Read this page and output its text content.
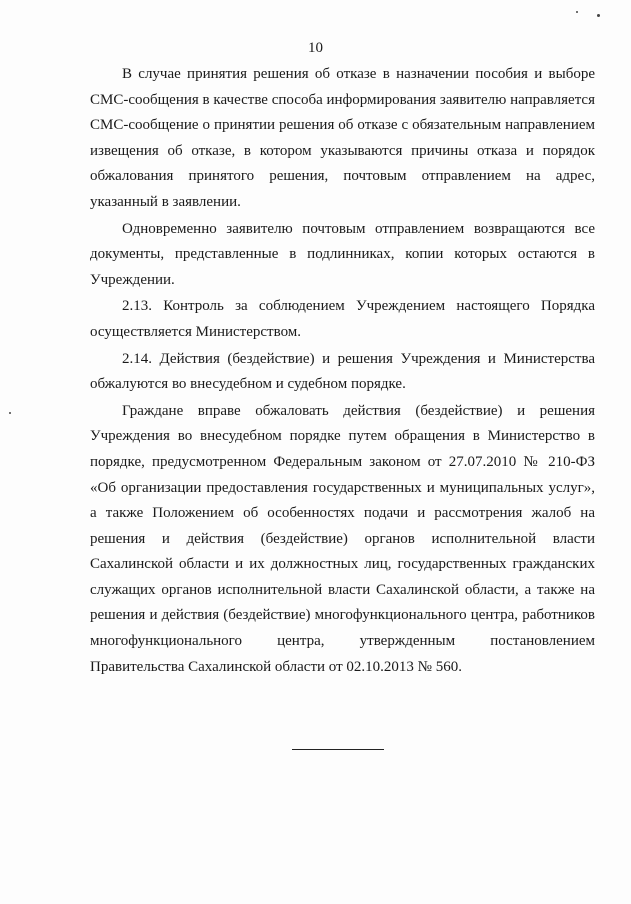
10

В случае принятия решения об отказе в назначении пособия и выборе
СМС-сообщения в качестве способа информирования заявителю направляется
СМС-сообщение о принятии решения об отказе с обязательным направлением
извещения об отказе, в котором указываются причины отказа и порядок
обжалования принятого решения, почтовым отправлением на адрес,
указанный в заявлении.

Одновременно заявителю почтовым отправлением возвращаются все
документы, представленные в подлинниках, копии которых остаются в
Учреждении.

2.13. Контроль за соблюдением Учреждением настоящего Порядка
осуществляется Министерством.

2.14. Действия (бездействие) и решения Учреждения и Министерства
обжалуются во внесудебном и судебном порядке.

Граждане вправе обжаловать действия (бездействие) и решения
Учреждения во внесудебном порядке путем обращения в Министерство в
порядке, предусмотренном Федеральным законом от 27.07.2010 № 210-ФЗ
«Об организации предоставления государственных и муниципальных услуг»,
а также Положением об особенностях подачи и рассмотрения жалоб на
решения и действия (бездействие) органов исполнительной власти
Сахалинской области и их должностных лиц, государственных гражданских
служащих органов исполнительной власти Сахалинской области, а также на
решения и действия (бездействие) многофункционального центра, работников
многофункционального центра, утвержденным постановлением
Правительства Сахалинской области от 02.10.2013 № 560.
